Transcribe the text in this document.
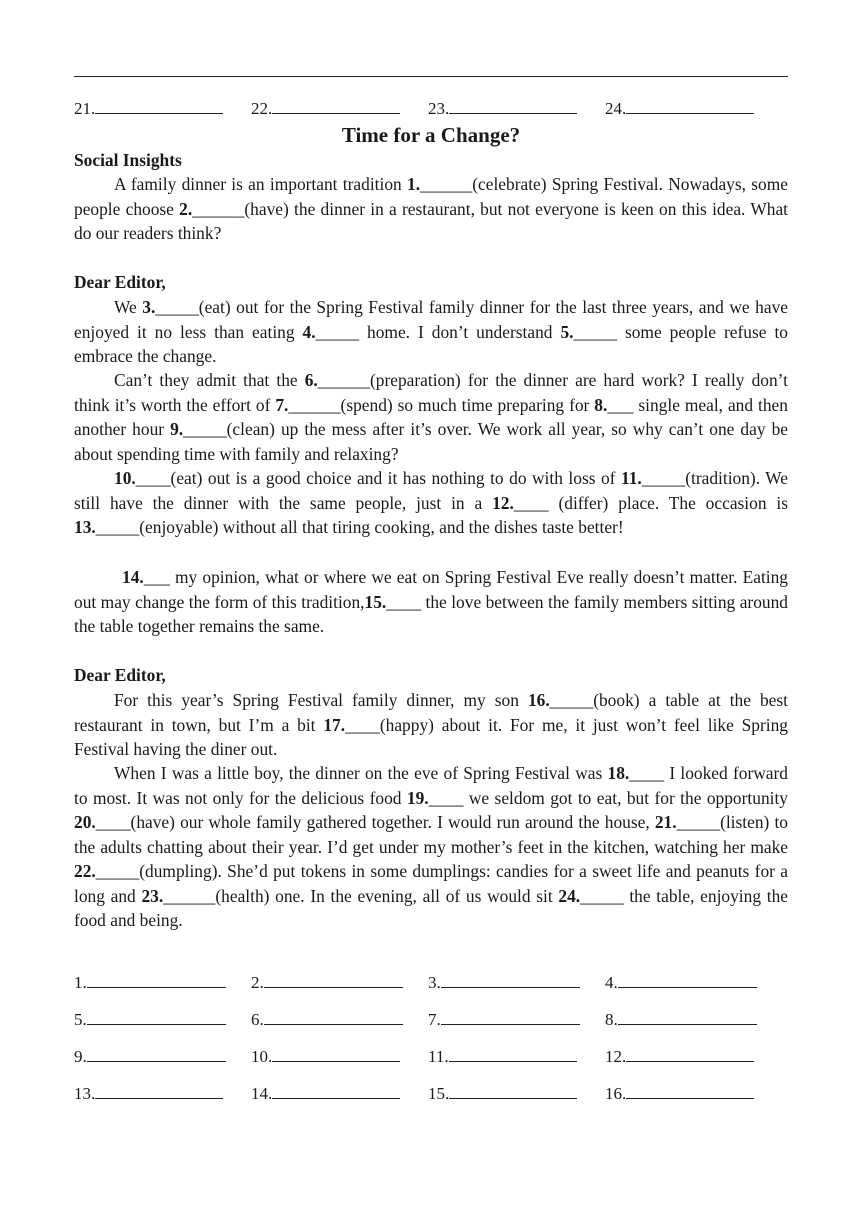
21.	22.	23.	24.
Time for a Change?
Social Insights

A family dinner is an important tradition 1.______(celebrate) Spring Festival. Nowadays, some people choose 2.______(have) the dinner in a restaurant, but not everyone is keen on this idea. What do our readers think?

Dear Editor,

We 3._____(eat) out for the Spring Festival family dinner for the last three years, and we have enjoyed it no less than eating 4._____ home. I don’t understand 5._____ some people refuse to embrace the change.

Can’t they admit that the 6.______(preparation) for the dinner are hard work? I really don’t think it’s worth the effort of 7.______(spend) so much time preparing for 8.___ single meal, and then another hour 9._____(clean) up the mess after it’s over. We work all year, so why can’t one day be about spending time with family and relaxing?

10.____(eat) out is a good choice and it has nothing to do with loss of 11._____(tradition). We still have the dinner with the same people, just in a 12.____ (differ) place. The occasion is 13._____(enjoyable) without all that tiring cooking, and the dishes taste better!

14.___ my opinion, what or where we eat on Spring Festival Eve really doesn’t matter. Eating out may change the form of this tradition,15.____ the love between the family members sitting around the table together remains the same.

Dear Editor,

For this year’s Spring Festival family dinner, my son 16._____(book) a table at the best restaurant in town, but I’m a bit 17.____(happy) about it. For me, it just won’t feel like Spring Festival having the diner out.

When I was a little boy, the dinner on the eve of Spring Festival was 18.____ I looked forward to most. It was not only for the delicious food 19.____ we seldom got to eat, but for the opportunity 20.____(have) our whole family gathered together. I would run around the house, 21._____(listen) to the adults chatting about their year. I’d get under my mother’s feet in the kitchen, watching her make 22._____(dumpling). She’d put tokens in some dumplings: candies for a sweet life and peanuts for a long and 23.______(health) one. In the evening, all of us would sit 24._____ the table, enjoying the food and being.

1.	2.	3.	4.
5.	6.	7.	8.
9.	10.	11.	12.
13.	14.	15.	16.
